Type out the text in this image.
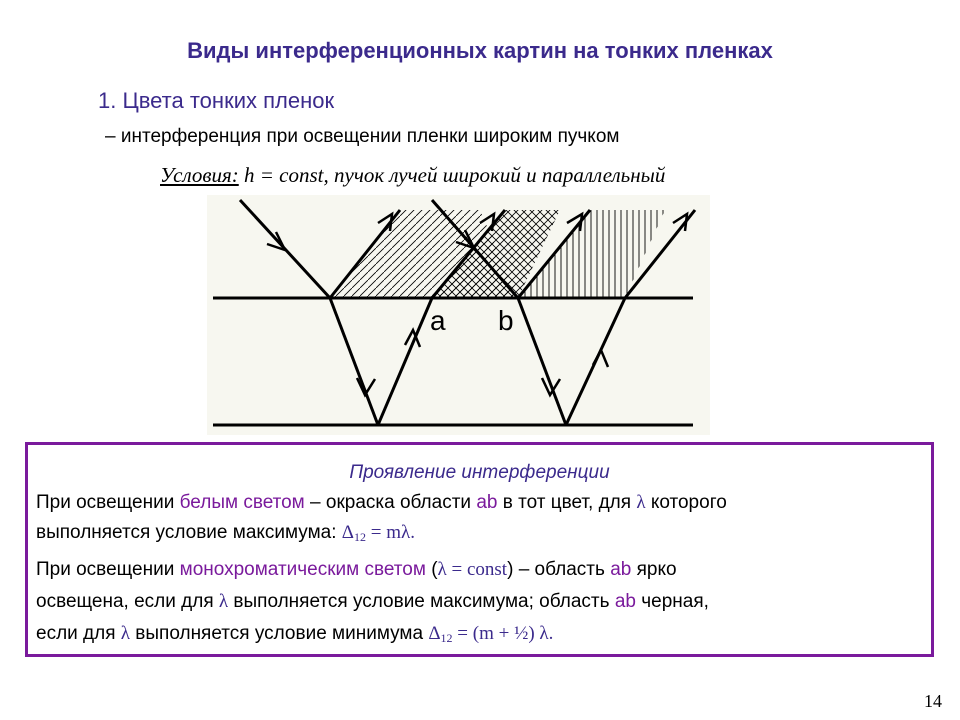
Виды интерференционных картин на тонких пленках
1. Цвета тонких пленок
– интерференция при освещении пленки широким пучком
Условия: h = const, пучок лучей широкий и параллельный
a b
Проявление интерференции

При освещении белым светом – окраска области ab в тот цвет, для λ которого

выполняется условие максимума: $\Delta_{12} = m\lambda$.

При освещении монохроматическим светом (λ = const) – область ab ярко

освещена, если для λ выполняется условие максимума; область ab черная,

если для λ выполняется условие минимума $\Delta_{12} = (m$ + ½) λ.

14
